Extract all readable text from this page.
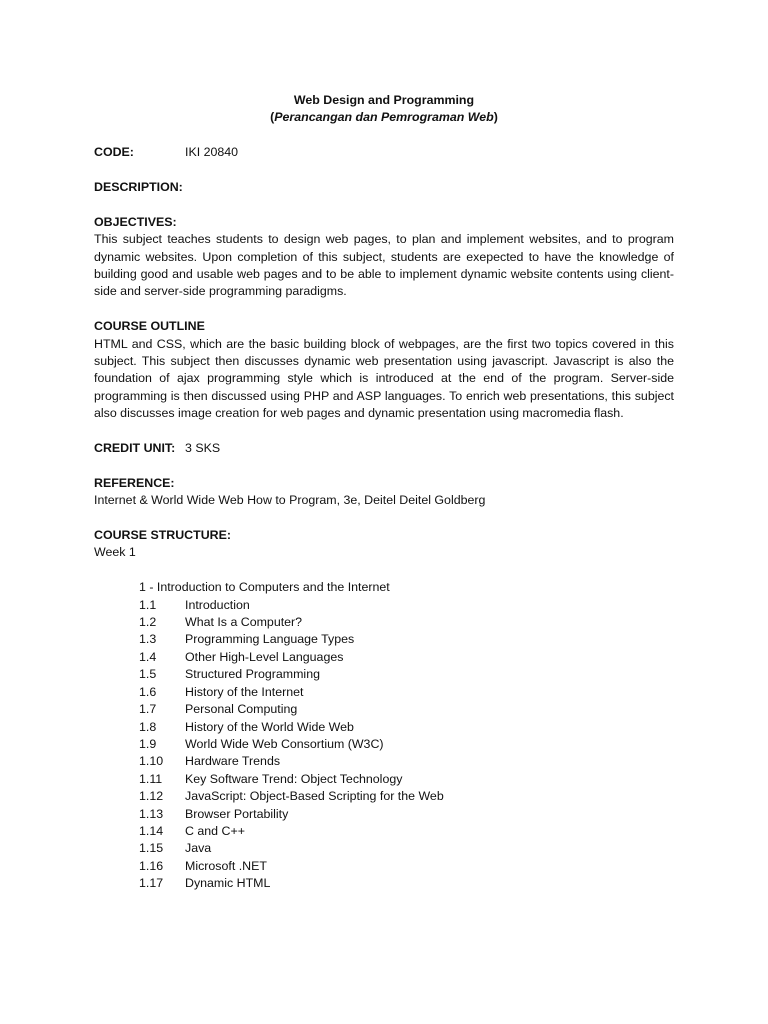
Web Design and Programming
(Perancangan dan Pemrograman Web)
CODE:	IKI 20840
DESCRIPTION:
OBJECTIVES:

This subject teaches students to design web pages, to plan and implement websites, and to program dynamic websites. Upon completion of this subject, students are exepected to have the knowledge of building good and usable web pages and to be able to implement dynamic website contents using client-side and server-side programming paradigms.

COURSE OUTLINE

HTML and CSS, which are the basic building block of webpages, are the first two topics covered in this subject. This subject then discusses dynamic web presentation using javascript. Javascript is also the foundation of ajax programming style which is introduced at the end of the program. Server-side programming is then discussed using PHP and ASP languages. To enrich web presentations, this subject also discusses image creation for web pages and dynamic presentation using macromedia flash.

CREDIT UNIT: 3 SKS
REFERENCE:
Internet & World Wide Web How to Program, 3e, Deitel Deitel Goldberg
COURSE STRUCTURE:
Week 1
1 - Introduction to Computers and the Internet
1.1	Introduction
1.2	What Is a Computer?
1.3	Programming Language Types
1.4	Other High-Level Languages
1.5	Structured Programming
1.6	History of the Internet
1.7	Personal Computing
1.8	History of the World Wide Web
1.9	World Wide Web Consortium (W3C)
1.10	Hardware Trends
1.11	Key Software Trend: Object Technology
1.12	JavaScript: Object-Based Scripting for the Web
1.13	Browser Portability
1.14	C and C++
1.15	Java
1.16	Microsoft .NET
1.17	Dynamic HTML
